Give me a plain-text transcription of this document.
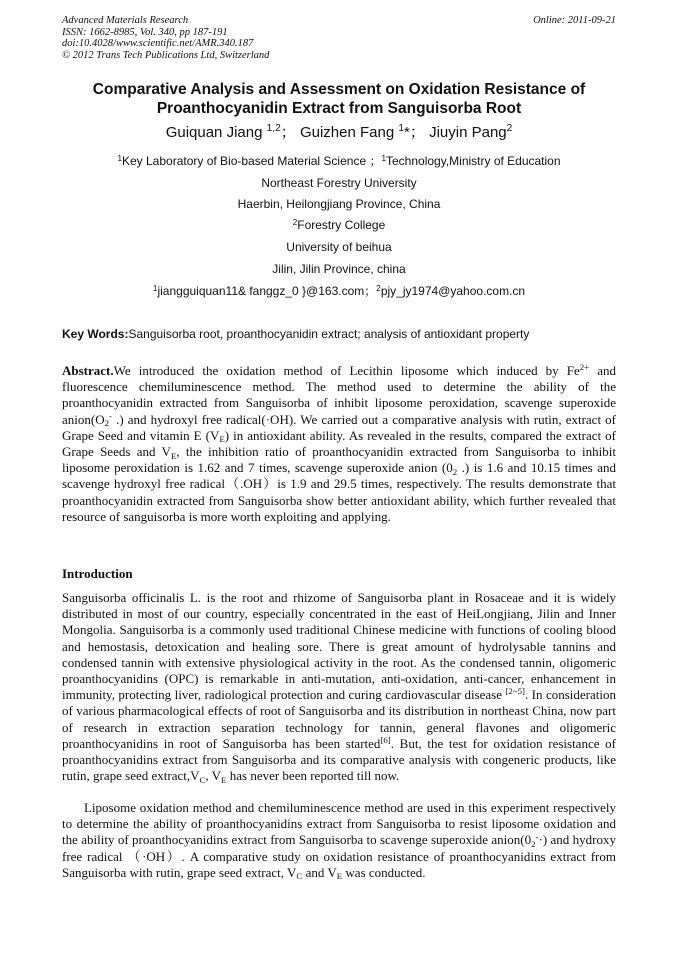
Advanced Materials Research
ISSN: 1662-8985, Vol. 340, pp 187-191
doi:10.4028/www.scientific.net/AMR.340.187
© 2012 Trans Tech Publications Ltd, Switzerland
Online: 2011-09-21
Comparative Analysis and Assessment on Oxidation Resistance of
Proanthocyanidin Extract from Sanguisorba Root
Guiquan Jiang $^{1,2}$； Guizhen Fang $^1$*； Jiuyin Pang$^2$
$^1$Key Laboratory of Bio-based Material Science ；$^1$Technology,Ministry of Education
Northeast Forestry University
Haerbin, Heilongjiang Province, China
$^2$Forestry College
University of beihua
Jilin, Jilin Province, china
$^1$jiangguiquan11& fanggz_0 }@163.com；$^2$pjy_jy1974@yahoo.com.cn
Key Words:Sanguisorba root, proanthocyanidin extract; analysis of antioxidant property
Abstract.We introduced the oxidation method of Lecithin liposome which induced by $Fe^{2+}$ and fluorescence chemiluminescence method. The method used to determine the ability of the proanthocyanidin extracted from Sanguisorba of inhibit liposome peroxidation, scavenge superoxide $anion(O_2^-$ .) and hydroxyl free radical(·OH). We carried out a comparative analysis with rutin, extract of Grape Seed and vitamin E $(V_E)$ in antioxidant ability. As revealed in the results, compared the extract of Grape Seeds and $V_E$, the inhibition ratio of proanthocyanidin extracted from Sanguisorba to inhibit liposome peroxidation is 1.62 and 7 times, scavenge superoxide anion ($0_2$ .) is 1.6 and 10.15 times and scavenge hydroxyl free radical（.OH）is 1.9 and 29.5 times, respectively. The results demonstrate that proanthocyanidin extracted from Sanguisorba show better antioxidant ability, which further revealed that resource of sanguisorba is more worth exploiting and applying.
Introduction
Sanguisorba officinalis L. is the root and rhizome of Sanguisorba plant in Rosaceae and it is widely distributed in most of our country, especially concentrated in the east of HeiLongjiang, Jilin and Inner Mongolia. Sanguisorba is a commonly used traditional Chinese medicine with functions of cooling blood and hemostasis, detoxication and healing sore. There is great amount of hydrolysable tannins and condensed tannin with extensive physiological activity in the root. As the condensed tannin, oligomeric proanthocyanidins (OPC) is remarkable in anti-mutation, anti-oxidation, anti-cancer, enhancement in immunity, protecting liver, radiological protection and curing cardiovascular disease [2~5]. In consideration of various pharmacological effects of root of Sanguisorba and its distribution in northeast China, now part of research in extraction separation technology for tannin, general flavones and oligomeric proanthocyanidins in root of Sanguisorba has been started[6]. But, the test for oxidation resistance of proanthocyanidins extract from Sanguisorba and its comparative analysis with congeneric products, like rutin, grape seed $extract,V_C$, $V_E$ has never been reported till now.
Liposome oxidation method and chemiluminescence method are used in this experiment respectively to determine the ability of proanthocyanidins extract from Sanguisorba to resist liposome oxidation and the ability of proanthocyanidins extract from Sanguisorba to scavenge superoxide $anion(0_2^-\cdot)$ and hydroxy free radical （·OH）. A comparative study on oxidation resistance of proanthocyanidins extract from Sanguisorba with rutin, grape seed extract, $V_C$ and $V_E$ was conducted.
